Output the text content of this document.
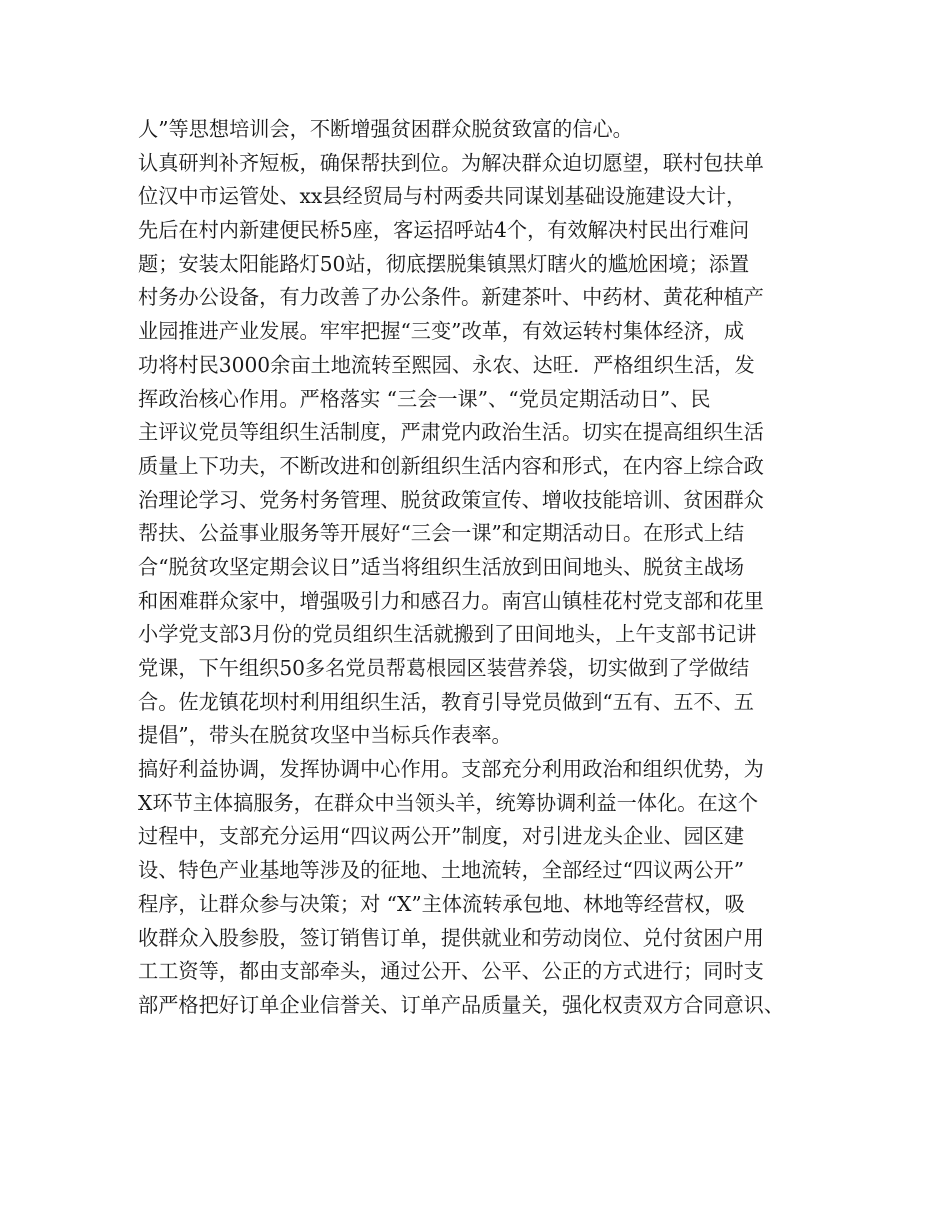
人”等思想培训会，不断增强贫困群众脱贫致富的信心。
认真研判补齐短板，确保帮扶到位。为解决群众迫切愿望，联村包扶单
位汉中市运管处、xx县经贸局与村两委共同谋划基础设施建设大计，
先后在村内新建便民桥5座，客运招呼站4个，有效解决村民出行难问
题；安装太阳能路灯50站，彻底摆脱集镇黑灯瞎火的尴尬困境；添置
村务办公设备，有力改善了办公条件。新建茶叶、中药材、黄花种植产
业园推进产业发展。牢牢把握“三变”改革，有效运转村集体经济，成
功将村民3000余亩土地流转至熙园、永农、达旺．严格组织生活，发
挥政治核心作用。严格落实 “三会一课”、“党员定期活动日”、民
主评议党员等组织生活制度，严肃党内政治生活。切实在提高组织生活
质量上下功夫，不断改进和创新组织生活内容和形式，在内容上综合政
治理论学习、党务村务管理、脱贫政策宣传、增收技能培训、贫困群众
帮扶、公益事业服务等开展好“三会一课”和定期活动日。在形式上结
合“脱贫攻坚定期会议日”适当将组织生活放到田间地头、脱贫主战场
和困难群众家中，增强吸引力和感召力。南宫山镇桂花村党支部和花里
小学党支部3月份的党员组织生活就搬到了田间地头，上午支部书记讲
党课，下午组织50多名党员帮葛根园区装营养袋，切实做到了学做结
合。佐龙镇花坝村利用组织生活，教育引导党员做到“五有、五不、五
提倡”，带头在脱贫攻坚中当标兵作表率。
搞好利益协调，发挥协调中心作用。支部充分利用政治和组织优势，为
X环节主体搞服务，在群众中当领头羊，统筹协调利益一体化。在这个
过程中，支部充分运用“四议两公开”制度，对引进龙头企业、园区建
设、特色产业基地等涉及的征地、土地流转，全部经过“四议两公开”
程序，让群众参与决策；对 “X”主体流转承包地、林地等经营权，吸
收群众入股参股，签订销售订单，提供就业和劳动岗位、兑付贫困户用
工工资等，都由支部牵头，通过公开、公平、公正的方式进行；同时支
部严格把好订单企业信誉关、订单产品质量关，强化权责双方合同意识、
